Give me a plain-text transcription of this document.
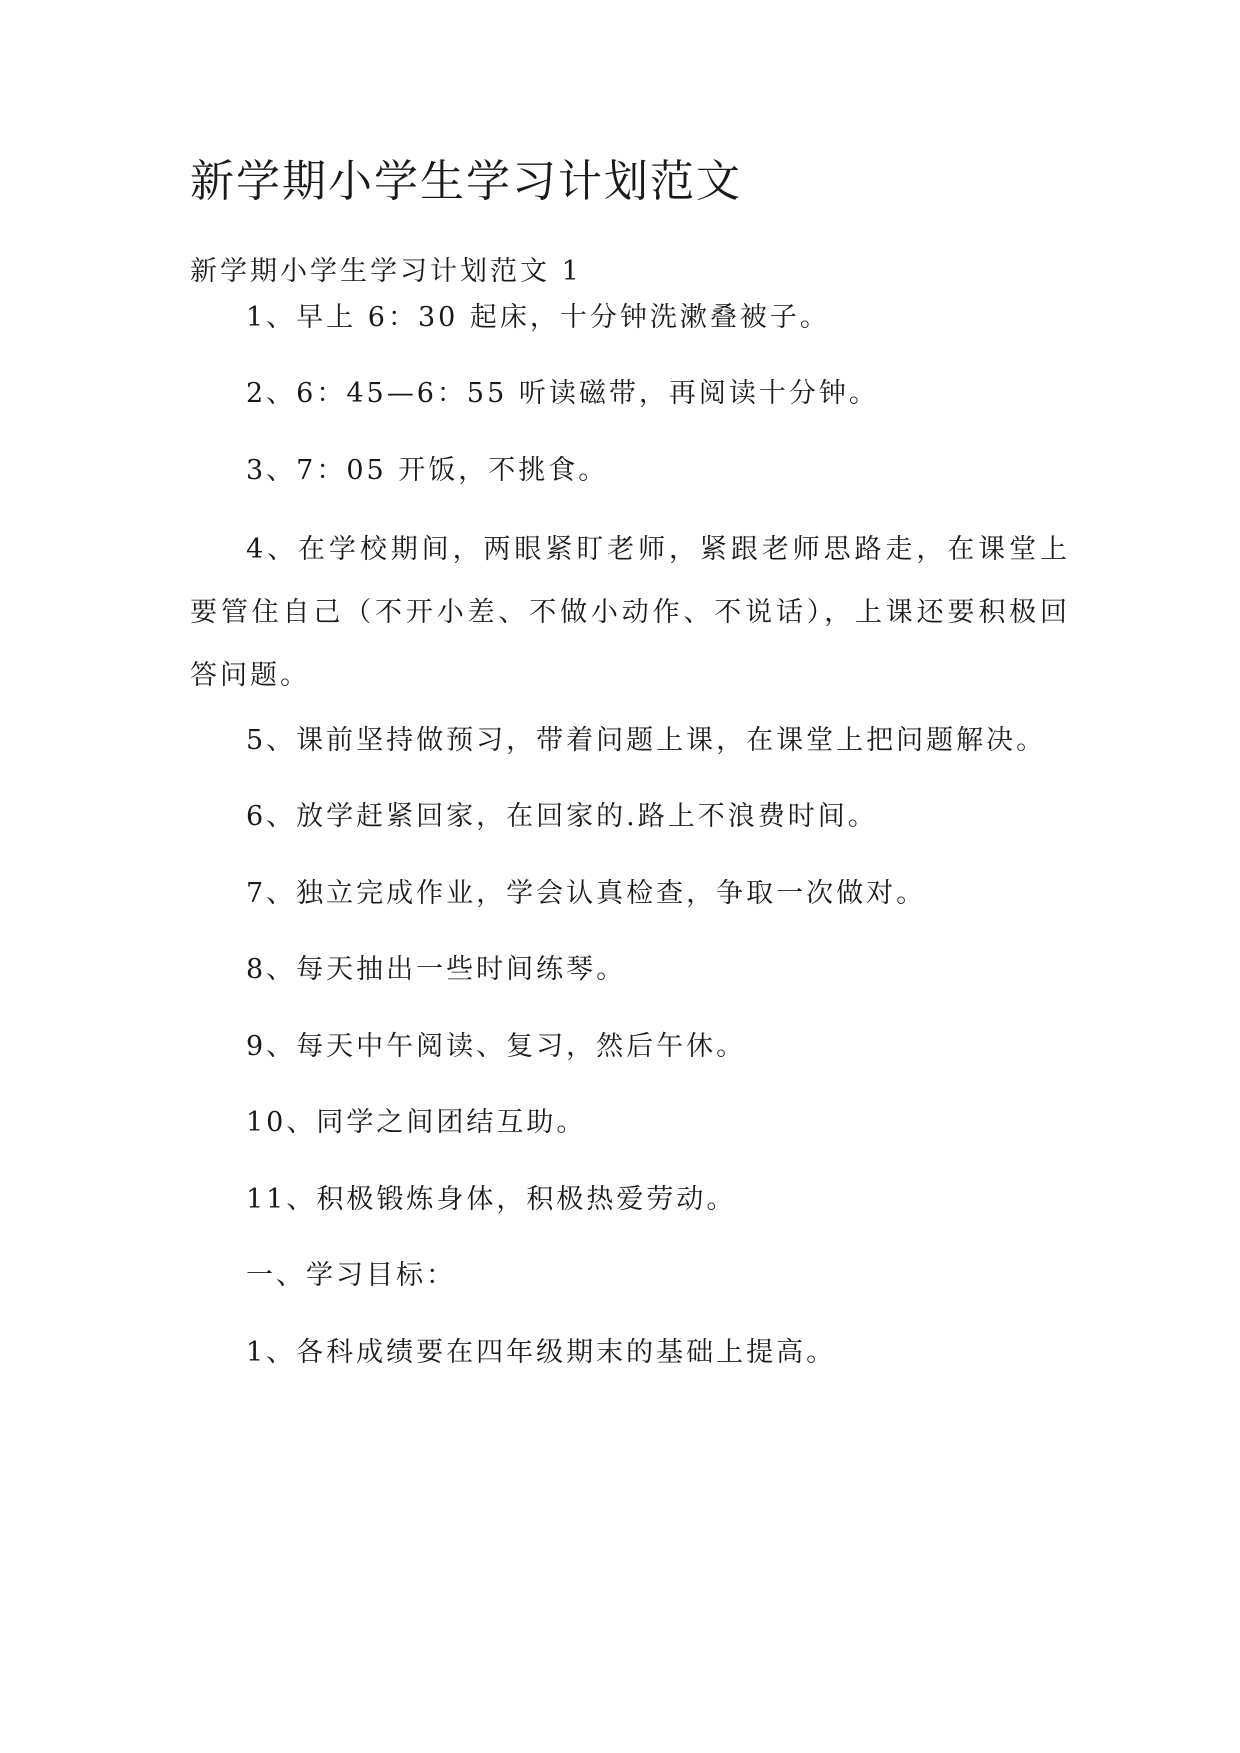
新学期小学生学习计划范文
新学期小学生学习计划范文 1
1、早上 6：30 起床，十分钟洗漱叠被子。
2、6：45—6：55 听读磁带，再阅读十分钟。
3、7：05 开饭，不挑食。
4、在学校期间，两眼紧盯老师，紧跟老师思路走，在课堂上要管住自己（不开小差、不做小动作、不说话），上课还要积极回答问题。
5、课前坚持做预习，带着问题上课，在课堂上把问题解决。
6、放学赶紧回家，在回家的.路上不浪费时间。
7、独立完成作业，学会认真检查，争取一次做对。
8、每天抽出一些时间练琴。
9、每天中午阅读、复习，然后午休。
10、同学之间团结互助。
11、积极锻炼身体，积极热爱劳动。
一、学习目标：
1、各科成绩要在四年级期末的基础上提高。
